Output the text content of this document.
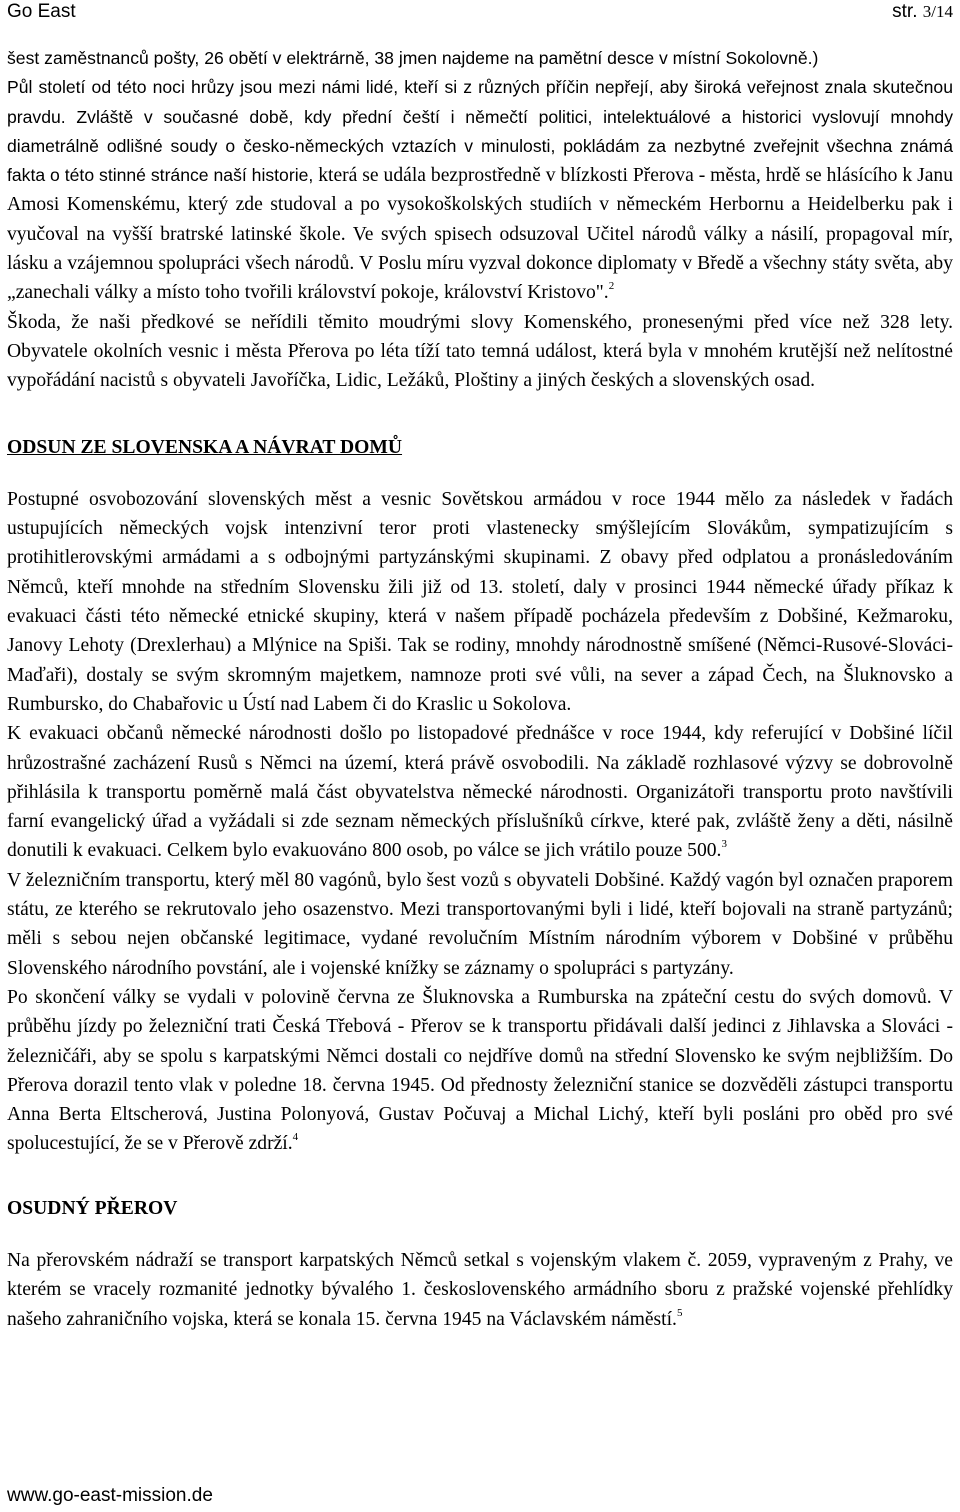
Go East	str. 3/14

šest zaměstnanců pošty, 26 obětí v elektrárně, 38 jmen najdeme na pamětní desce v místní Sokolovně.)

Půl století od této noci hrůzy jsou mezi námi lidé, kteří si z různých příčin nepřejí, aby široká veřejnost znala skutečnou pravdu. Zvláště v současné době, kdy přední čeští i němečtí politici, intelektuálové a historici vyslovují mnohdy diametrálně odlišné soudy o česko-německých vztazích v minulosti, pokládám za nezbytné zveřejnit všechna známá fakta o této stinné stránce naší historie, která se udála bezprostředně v blízkosti Přerova - města, hrdě se hlásícího k Janu Amosi Komenskému, který zde studoval a po vysokoškolských studiích v německém Herbornu a Heidelberku pak i vyučoval na vyšší bratrské latinské škole. Ve svých spisech odsuzoval Učitel národů války a násilí, propagoval mír, lásku a vzájemnou spolupráci všech národů. V Poslu míru vyzval dokonce diplomaty v Bředě a všechny státy světa, aby „zanechali války a místo toho tvořili království pokoje, království Kristovo".$^2$

Škoda, že naši předkové se neřídili těmito moudrými slovy Komenského, pronesenými před více než 328 lety. Obyvatele okolních vesnic i města Přerova po léta tíží tato temná událost, která byla v mnohém krutější než nelítostné vypořádání nacistů s obyvateli Javoříčka, Lidic, Ležáků, Ploštiny a jiných českých a slovenských osad.

ODSUN ZE SLOVENSKA A NÁVRAT DOMŮ

Postupné osvobozování slovenských měst a vesnic Sovětskou armádou v roce 1944 mělo za následek v řadách ustupujících německých vojsk intenzivní teror proti vlastenecky smýšlejícím Slovákům, sympatizujícím s protihitlerovskými armádami a s odbojnými partyzánskými skupinami. Z obavy před odplatou a pronásledováním Němců, kteří mnohde na středním Slovensku žili již od 13. století, daly v prosinci 1944 německé úřady příkaz k evakuaci části této německé etnické skupiny, která v našem případě pocházela především z Dobšiné, Kežmaroku, Janovy Lehoty (Drexlerhau) a Mlýnice na Spiši. Tak se rodiny, mnohdy národnostně smíšené (Němci-Rusové-Slováci-Maďaři), dostaly se svým skromným majetkem, namnoze proti své vůli, na sever a západ Čech, na Šluknovsko a Rumbursko, do Chabařovic u Ústí nad Labem či do Kraslic u Sokolova.

K evakuaci občanů německé národnosti došlo po listopadové přednášce v roce 1944, kdy referující v Dobšiné líčil hrůzostrašné zacházení Rusů s Němci na území, která právě osvobodili. Na základě rozhlasové výzvy se dobrovolně přihlásila k transportu poměrně malá část obyvatelstva německé národnosti. Organizátoři transportu proto navštívili farní evangelický úřad a vyžádali si zde seznam německých příslušníků církve, které pak, zvláště ženy a děti, násilně donutili k evakuaci. Celkem bylo evakuováno 800 osob, po válce se jich vrátilo pouze 500.$^3$

V železničním transportu, který měl 80 vagónů, bylo šest vozů s obyvateli Dobšiné. Každý vagón byl označen praporem státu, ze kterého se rekrutovalo jeho osazenstvo. Mezi transportovanými byli i lidé, kteří bojovali na straně partyzánů; měli s sebou nejen občanské legitimace, vydané revolučním Místním národním výborem v Dobšiné v průběhu Slovenského národního povstání, ale i vojenské knížky se záznamy o spolupráci s partyzány.

Po skončení války se vydali v polovině června ze Šluknovska a Rumburska na zpáteční cestu do svých domovů. V průběhu jízdy po železniční trati Česká Třebová - Přerov se k transportu přidávali další jedinci z Jihlavska a Slováci - železničáři, aby se spolu s karpatskými Němci dostali co nejdříve domů na střední Slovensko ke svým nejbližším. Do Přerova dorazil tento vlak v poledne 18. června 1945. Od přednosty železniční stanice se dozvěděli zástupci transportu Anna Berta Eltscherová, Justina Polonyová, Gustav Počuvaj a Michal Lichý, kteří byli posláni pro oběd pro své spolucestující, že se v Přerově zdrží.$^4$

OSUDNÝ PŘEROV

Na přerovském nádraží se transport karpatských Němců setkal s vojenským vlakem č. 2059, vypraveným z Prahy, ve kterém se vracely rozmanité jednotky bývalého 1. československého armádního sboru z pražské vojenské přehlídky našeho zahraničního vojska, která se konala 15. června 1945 na Václavském náměstí.$^5$

www.go-east-mission.de
